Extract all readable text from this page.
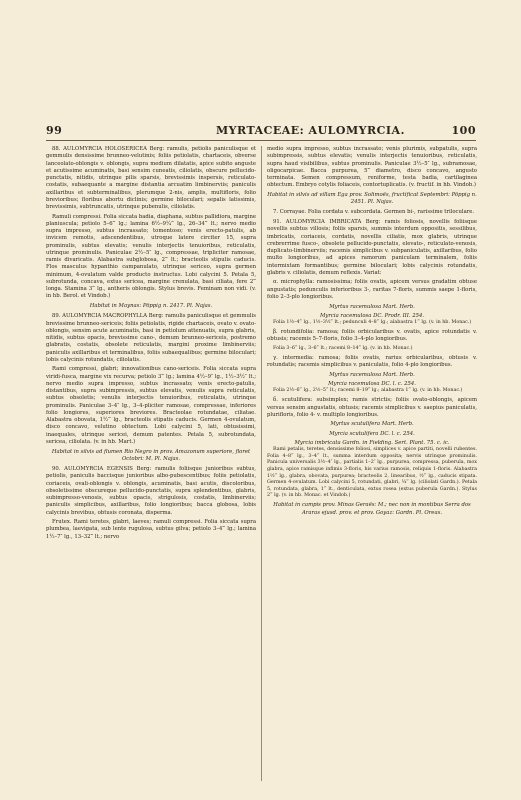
99	MYRTACEAE: AULOMYRCIA.	100

88. AULOMYRCIA HOLOSERICEA Berg: ramulis, petiolis paniculisque et gemmulis densissime brunneo-velutinis; foliis petiolatis, chartaceis, obverse lanceolato-oblongis v. oblongis, supra medium dilatatis, apice subito anguste et acutissime acuminatis, basi sensim cuneatis, ciliolatis, obscure pellucido-punctatis, nitidis, utrinque pilis sparsis, brevissimis inspersis, reticulato-costatis, subaequante a margine distantia arcuatim limbinerviis; paniculis axillaribus et subterminalibus, plerumque 2-nis, amplis, multifloris, folio brevioribus; floribus abortu diclinis; germine biloculari; sepalis latissimis, brevissimis, subtruncatis, utrinque pubenulis, ciliolatis.

Ramuli compressi. Folia siccata badia, diaphana, subtus pallidiora, margine planiuscula; petiolo 5–6‴ lg.; lamina 6½–9¼‴ lg., 26–34‴ lt.; nervo medio supra impresso, subtus incrassato; tomentoso; venis erecto-patulis, ab invicem remotis, adscendentibus, utroque latere circiter 15, supra prominulis, subtus elevatis; venulis interjectis tenuioribus, reticulatis, utrinque prominulis. Paniculae 2½–5″ lg., compressae, tripliciter ramosae, ramis divaricatis. Alabastra subglobosa, 2‴ lt.; bracteolis stipulis caducis. Flos masculus hypanthio campanulato, utrinque sericeo, supra germen minimum, 4-ovulatum valde producto instructus. Lobi calycini 5. Petala 5, subrotunda, concava, extus sericea, margine crenulata, basi ciliata, fere 2‴ longa. Stamina 3‴ lg., antheris oblongis. Stylus brevis. Feminam non vidi. (v. in hb. Berol. et Vindob.)

Habitat in Maynas: Pöppig n. 2417. Pl. Najas.

89. AULOMYRCIA MACROPHYLLA Berg: ramulis paniculisque et gemmulis brevissime brunneo-sericeis; foliis petiolatis, rigide chartaceis, ovato v. ovato-oblongis, sensim acute acuminatis, basi in petiolum attenuatis, supra glabris, nitidis, subtus opacis, brevissime cano-, demum brunneo-sericeis, postremo glabratis, costatis, obsolete reticulatis, margini proxime limbinerviis; paniculis axillaribus et terminalibus, foliis subaequalibus; germine biloculari; lobis calycinis rotundatis, ciliolatis.

Rami compressi, glabri; innovationibus cano-sericeis. Folia siccata supra viridi-fusca, margine vix recurva; petiolo 3‴ lg.; lamina 4½–9″ lg., 1½–3½″ lt.; nervo medio supra impresso, subtus incrassato; venis erecto-patulis, distantibus, supra subimpressis, subtus elevatis, venulis supra reticulatis, subtus obsoletis; venulis interjectis tenuioribus, reticulatis, utrinque prominulis. Paniculae 3–4″ lg., 3–4-pliciter ramosae, compressae, inferiores folio longiores, superiores breviores. Bracteolae rotundatae, ciliatae. Alabastra obovata, 1½‴ lg., bracteolis stipatis caducis. Germen 4-ovulatum, disco concavo, velutino obtectum. Lobi calycini 5, lati, obtusissimi, inaequales, utrinque sericei, demum patentes. Petala 5, subrotundata, sericea, ciliolata. (v. in hb. Mart.)

Habitat in silvis ad flumen Rio Negro in prov. Amazonum superiore, floret Octobri: M. Pl. Najas.

90. AULOMYRCIA EGENSIS Berg: ramulis foliisque junioribus subtus, petiolis, paniculis baccisque junioribus albo-pubescentibus; foliis petiolatis, coriaceis, ovali-oblongis v. oblongis, acuminatis, basi acutis, discoloribus, obsoletissime obscureque pellucido-punctatis, supra splendentibus, glabris, subimpresso-venosis, subtus opacis, strigulosis, costatis, limbinerviis; paniculis simplicibus, axillaribus, folio longioribus; bacca globosa, lobis calycinis brevibus, obtusis coronata, disperma.

Frutex. Rami teretes, glabri, laeves; ramuli compressi. Folia siccata supra plumbea, laevigata, sub lente rugulosa, subtus gilva; petiolo 3–4‴ lg.; lamina 1½–7″ lg., 13–32‴ lt.; nervo

medio supra impresso, subtus incrassato; venis plurimis, subpatulis, supra subimpressis, subtus elevatis; venulis interjectis tenuioribus, reticulatis, supra haud visibilibus, subtus prominulis. Paniculae 3½–5″ lg., subramosae, oligocarpicae. Bacca purpurea, 5‴ diametro, disco concavo, angusto terminata. Semen compressum, reniforme, testa badia, cartilaginea obtectum. Embryo cotylis foliaceis, contortuplicatis. (v. fructif. in hb. Vindob.)

Habitat in silvis ad villam Ega prov. Solimoës, fructificat Septembri: Pöppig n. 2451. Pl. Najas.

7. Corrayae. Folia cordata v. subcordata. Germen bi-, rarissime triloculare.

91. AULOMYRCIA IMBRICATA Berg: ramis foliosis, novellis foliisque novellis subtus villosis; foliis sparsis, summis interdum oppositis, sessilibus, imbricatis, coriaceis, cordatis, novellis ciliatis, mox glabris, utrinque crebrerrime fusco-, obsolete pellucido-punctatis, elevato-, reticulato-venosis, duplicato-limbinerviis; racemis simplicibus v. subpaniculatis, axillaribus, folio multo longioribus, ad apices ramorum paniculam terminalem, foliis intermixtam formantibus; germine biloculari; lobis calycinis rotundatis, glabris v. ciliolatis, demum reflexis. Variat:

α. microphylla: ramosissima; foliis ovatis, apicem versus gradatim obtuse angustatis; pedunculis inferioribus 3-, raritas 7-floris, summis saepe 1-floris, folio 2–3-plo longioribus.

Myrtus racemulosa Mart. Herb.

Myrcia racemulosa DC. Prodr. III. 254.

Folia 1½–4‴ lg., 1½–3½‴ lt.; pedunculi 4–8‴ lg.; alabastra 1‴ lg. (v. in hb. Monac.)

β. rotundifolia: ramosa; foliis orbicularibus v. ovatis, apice rotundatis v. obtusis; racemis 5–7-floris, folio 3–4-plo longioribus.

Folia 3–6‴ lg., 3–6‴ lt.; racemi 8–14‴ lg. (v. in hb. Monac.)

γ. intermedia: ramosa; foliis ovatis, rarius orbicularibus, obtusis v. rotundatis; racemis simplicibus v. paniculatis, folio 4-plo longioribus.

Myrtus racemulosa Mart. Herb.

Myrcia racemulosa DC. l. c. 254.

Folia 2½–6‴ lg., 2½–5‴ lt.; racemi 8–19‴ lg.; alabastra 1‴ lg. (v. in hb. Monac.)

δ. scutulifera: subsimplex; ramis strictis; foliis ovato-oblongis, apicem versus sensim angustatis, obtusis; racemis simplicibus v. saepius paniculatis, plurifloris, folio 4- v. multiplo longioribus.

Myrtus scutulifera Mart. Herb.

Myrcia scutulifera DC. l. c. 254.

Myrcia imbricata Gardn. in Fielding. Sert. Plant. 75. c. ic.

Rami petalis, teretes, densissime foliosi, simplices v. apice partiti, novelli rubentes. Folia 4–8‴ lg., 3–4‴ lt., summa interdum opposita; nervis utrinque prominulis. Panicula universalis 3½–4″ lg., partialis 1–2″ lg., purpurea, compressa, puberula, mox glabra, apice ramisque infimis 3-floris, his varius ramosis, reliquis 1-floris. Alabastra 1½‴ lg., glabra, obovata, purpurea; bracteolis 2, linearibus, ½‴ lg., caducis stipata. Germen 4-ovulatum. Lobi calycini 5, rotundati, glabri, ¼‴ lg. (ciliolati Gardn.). Petala 5, rotundata, glabra, 1‴ lt., denticulata, extus rosea (extus puberula Gardn.). Stylus 2‴ lg. (v. in hb. Monac. et Vindob.)

Habitat in campis prov. Minas Geraës: M.; nec non in montibus Serra dos Araras ejusd. prov. et prov. Goyaz: Gardn. Pl. Oreas.
